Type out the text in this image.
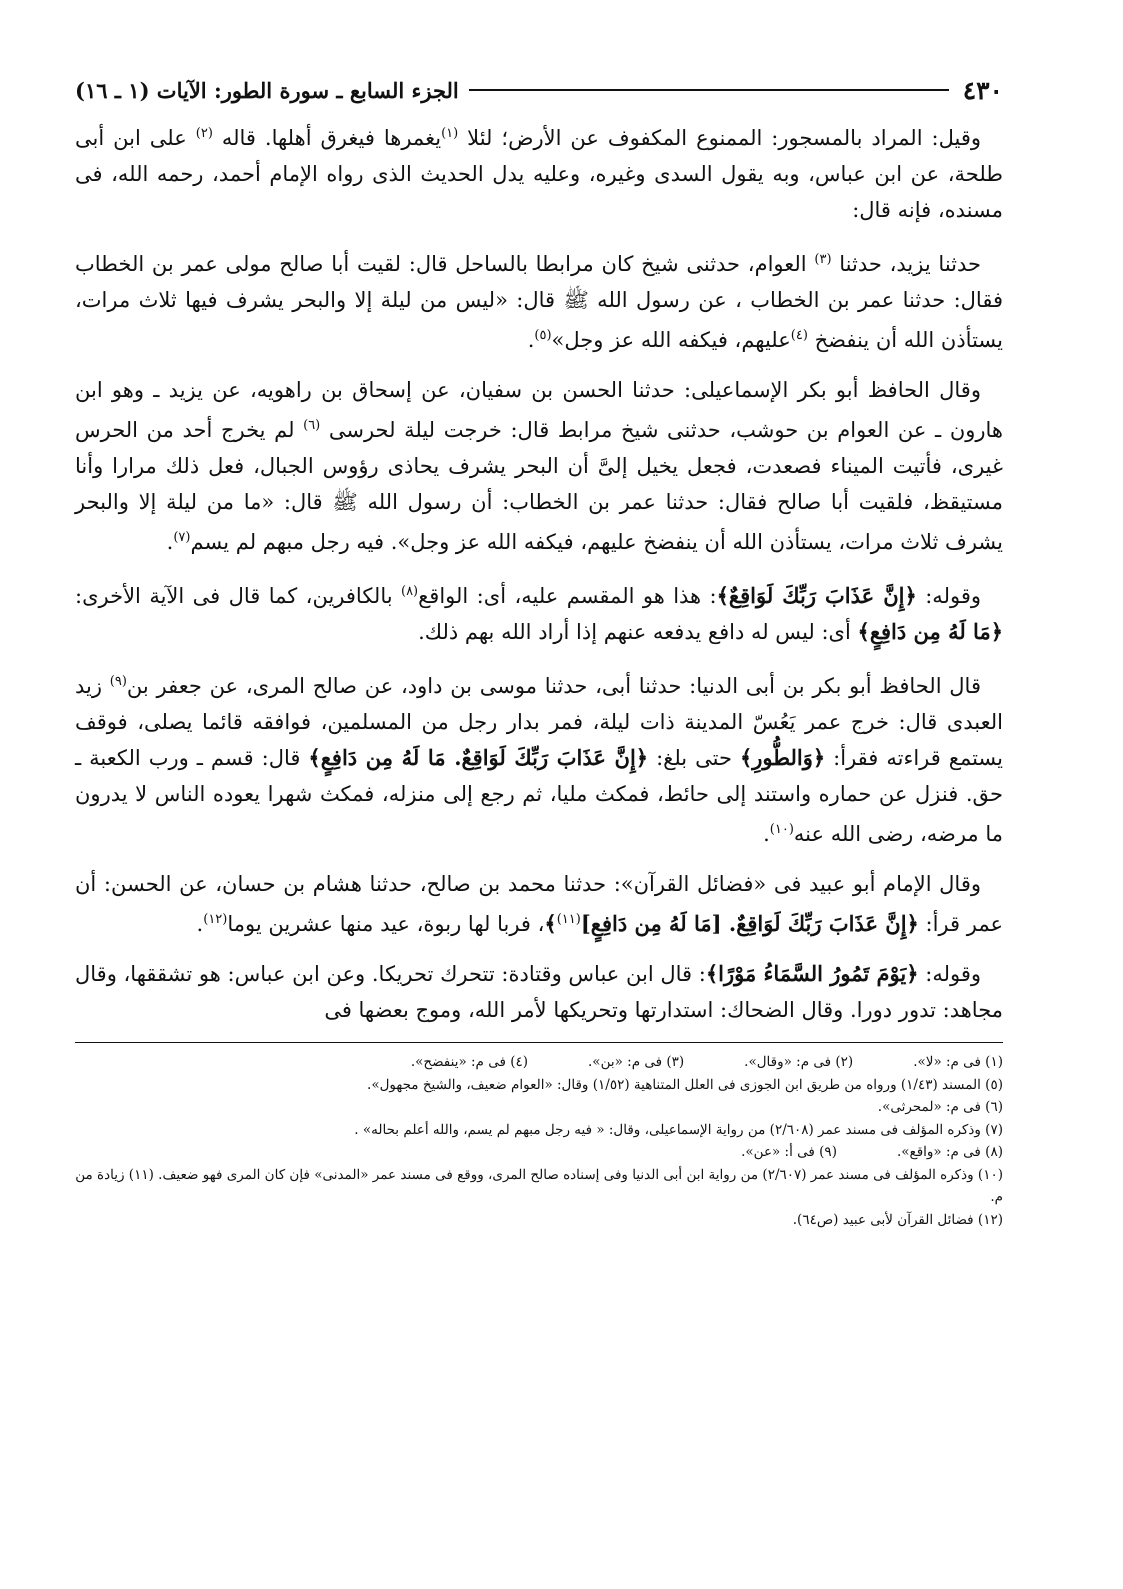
٤٣٠
الجزء السابع ـ سورة الطور: الآيات (١ ـ ١٦)

وقيل: المراد بالمسجور: الممنوع المكفوف عن الأرض؛ لئلا $^{(١)}$يغمرها فيغرق أهلها. قاله $^{(٢)}$ على ابن أبى طلحة، عن ابن عباس، وبه يقول السدى وغيره، وعليه يدل الحديث الذى رواه الإمام أحمد، رحمه الله، فى مسنده، فإنه قال:

حدثنا يزيد، حدثنا $^{(٣)}$ العوام، حدثنى شيخ كان مرابطا بالساحل قال: لقيت أبا صالح مولى عمر بن الخطاب فقال: حدثنا عمر بن الخطاب ، عن رسول الله ﷺ قال: «ليس من ليلة إلا والبحر يشرف فيها ثلاث مرات، يستأذن الله أن ينفضخ $^{(٤)}$عليهم، فيكفه الله عز وجل»$^{(٥)}$.

وقال الحافظ أبو بكر الإسماعيلى: حدثنا الحسن بن سفيان، عن إسحاق بن راهويه، عن يزيد ـ وهو ابن هارون ـ عن العوام بن حوشب، حدثنى شيخ مرابط قال: خرجت ليلة لحرسى $^{(٦)}$ لم يخرج أحد من الحرس غيرى، فأتيت الميناء فصعدت، فجعل يخيل إلىَّ أن البحر يشرف يحاذى رؤوس الجبال، فعل ذلك مرارا وأنا مستيقظ، فلقيت أبا صالح فقال: حدثنا عمر بن الخطاب: أن رسول الله ﷺ قال: «ما من ليلة إلا والبحر يشرف ثلاث مرات، يستأذن الله أن ينفضخ عليهم، فيكفه الله عز وجل». فيه رجل مبهم لم يسم$^{(٧)}$.

وقوله: ﴿إِنَّ عَذَابَ رَبِّكَ لَوَاقِعٌ﴾: هذا هو المقسم عليه، أى: الواقع$^{(٨)}$ بالكافرين، كما قال فى الآية الأخرى: ﴿مَا لَهُ مِن دَافِعٍ﴾ أى: ليس له دافع يدفعه عنهم إذا أراد الله بهم ذلك.

قال الحافظ أبو بكر بن أبى الدنيا: حدثنا أبى، حدثنا موسى بن داود، عن صالح المرى، عن جعفر بن$^{(٩)}$ زيد العبدى قال: خرج عمر يَعُسّ المدينة ذات ليلة، فمر بدار رجل من المسلمين، فوافقه قائما يصلى، فوقف يستمع قراءته فقرأ: ﴿وَالطُّورِ﴾ حتى بلغ: ﴿إِنَّ عَذَابَ رَبِّكَ لَوَاقِعٌ. مَا لَهُ مِن دَافِعٍ﴾ قال: قسم ـ ورب الكعبة ـ حق. فنزل عن حماره واستند إلى حائط، فمكث مليا، ثم رجع إلى منزله، فمكث شهرا يعوده الناس لا يدرون ما مرضه، رضى الله عنه$^{(١٠)}$.

وقال الإمام أبو عبيد فى «فضائل القرآن»: حدثنا محمد بن صالح، حدثنا هشام بن حسان، عن الحسن: أن عمر قرأ: ﴿إِنَّ عَذَابَ رَبِّكَ لَوَاقِعٌ. [مَا لَهُ مِن دَافِعٍ]$^{(١١)}$﴾، فربا لها ربوة، عيد منها عشرين يوما$^{(١٢)}$.

وقوله: ﴿يَوْمَ تَمُورُ السَّمَاءُ مَوْرًا﴾: قال ابن عباس وقتادة: تتحرك تحريكا. وعن ابن عباس: هو تشققها، وقال مجاهد: تدور دورا. وقال الضحاك: استدارتها وتحريكها لأمر الله، وموج بعضها فى

(١) فى م: «لا».
(٢) فى م: «وقال».
(٣) فى م: «بن».
(٤) فى م: «ينفضح».
(٥) المسند (١/٤٣) ورواه من طريق ابن الجوزى فى العلل المتناهية (١/٥٢) وقال: «العوام ضعيف، والشيخ مجهول».
(٦) فى م: «لمحرثى».
(٧) وذكره المؤلف فى مسند عمر (٢/٦٠٨) من رواية الإسماعيلى، وقال: « فيه رجل مبهم لم يسم، والله أعلم بحاله» .
(٨) فى م: «واقع».
(٩) فى أ: «عن».
(١٠) وذكره المؤلف فى مسند عمر (٢/٦٠٧) من رواية ابن أبى الدنيا وفى إسناده صالح المرى، ووقع فى مسند عمر «المدنى» فإن كان المرى فهو ضعيف. (١١) زيادة من م.
(١٢) فضائل القرآن لأبى عبيد (ص٦٤).
